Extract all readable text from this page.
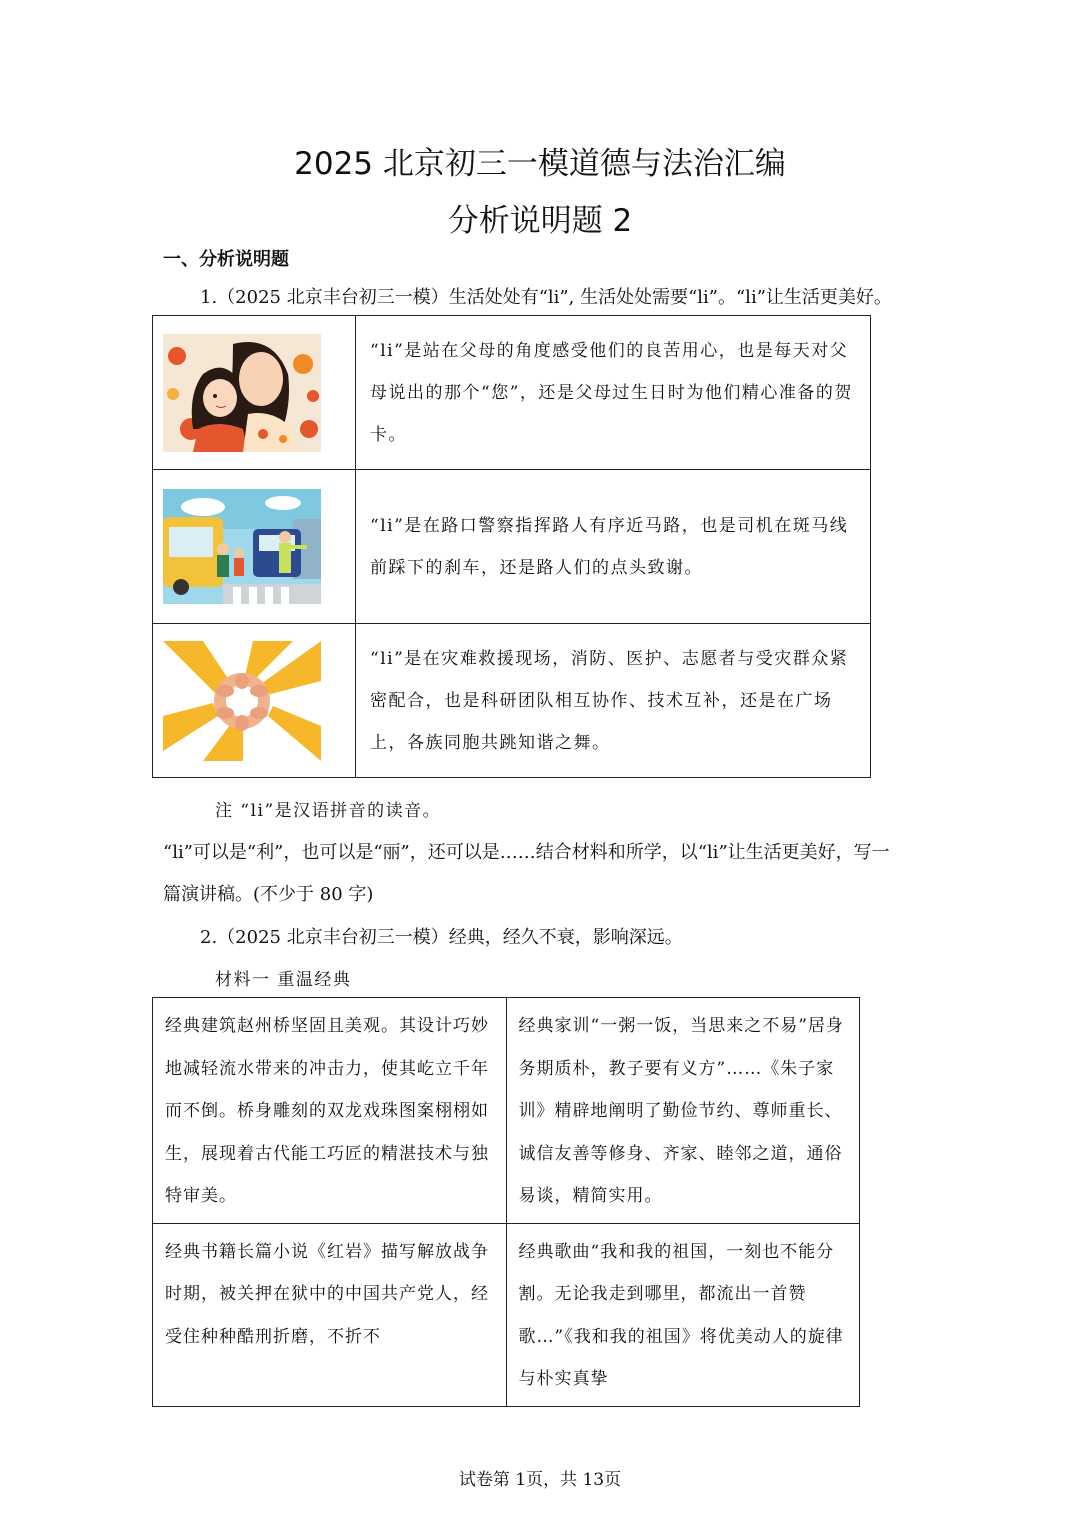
2025 北京初三一模道德与法治汇编
分析说明题 2
一、分析说明题
1.（2025 北京丰台初三一模）生活处处有“li”, 生活处处需要“li”。“li”让生活更美好。
	“li”是站在父母的角度感受他们的良苦用心，也是每天对父母说出的那个“您”，还是父母过生日时为他们精心准备的贺卡。

	“li”是在路口警察指挥路人有序近马路，也是司机在斑马线前踩下的刹车，还是路人们的点头致谢。

	“li”是在灾难救援现场，消防、医护、志愿者与受灾群众紧密配合，也是科研团队相互协作、技术互补，还是在广场上，各族同胞共跳知谐之舞。
注 “li”是汉语拼音的读音。
“li”可以是“利”，也可以是“丽”，还可以是……结合材料和所学，以“li”让生活更美好，写一
篇演讲稿。(不少于 80 字)
2.（2025 北京丰台初三一模）经典，经久不衰，影响深远。
材料一 重温经典
经典建筑赵州桥坚固且美观。其设计巧妙地减轻流水带来的冲击力，使其屹立千年而不倒。桥身雕刻的双龙戏珠图案栩栩如生，展现着古代能工巧匠的精湛技术与独特审美。	经典家训“一粥一饭，当思来之不易”居身务期质朴，教子要有义方”……《朱子家训》精辟地阐明了勤俭节约、尊师重长、诚信友善等修身、齐家、睦邻之道，通俗易谈，精简实用。
经典书籍长篇小说《红岩》描写解放战争时期，被关押在狱中的中国共产党人，经受住种种酷刑折磨，不折不	经典歌曲“我和我的祖国，一刻也不能分割。无论我走到哪里，都流出一首赞歌…”《我和我的祖国》将优美动人的旋律与朴实真挚
试卷第 1页，共 13页
